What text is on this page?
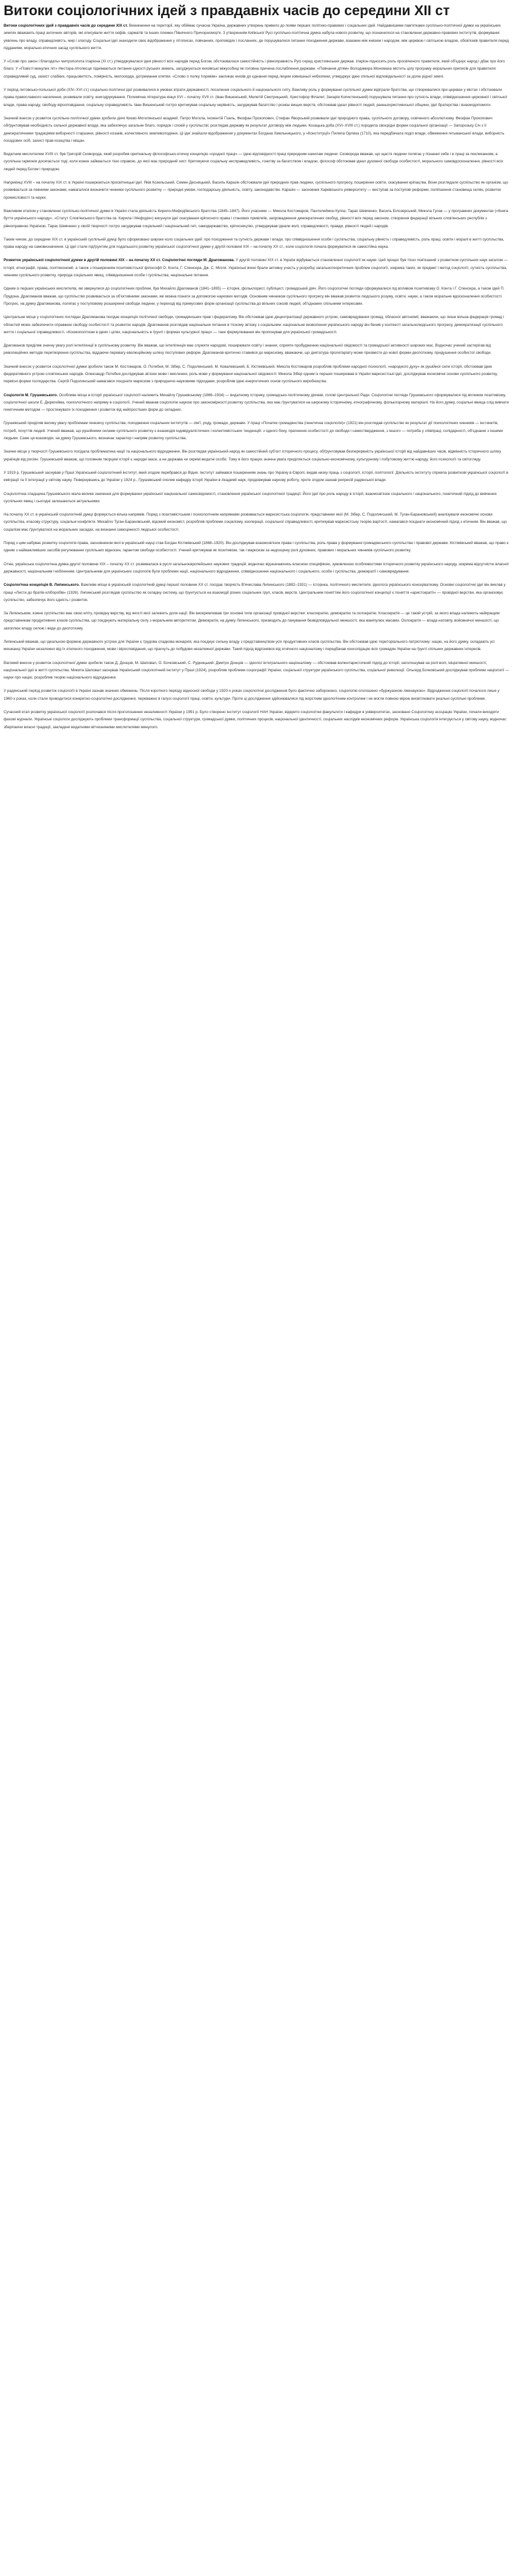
Витоки соціологічних ідей з правдавніх часів до середини XІІ ст

Витоки соціологічних ідей з правдавніх часів до середини XIX ст. Виникнення на території, яку обіймає сучасна Україна, державних утворень привело до появи перших політико-правових і соціальних ідей. Найдавнішими пам'ятками суспільно-політичної думки на українських землях вважають праці античних авторів, які описували життя скіфів, сарматів та інших племен Північного Причорномор'я. З утворенням Київської Русі суспільно-політична думка набула нового розвитку, що позначилося на становленні державно-правових інститутів, формуванні уявлень про владу, справедливість, мир і злагоду. Соціальні ідеї знаходили своє відображення у літописах, повчаннях, проповідях і посланнях, де порушувалися питання походження держави, взаємин між князем і народом, між церквою і світською владою, обов'язків правителя перед підданими, морально-етичних засад суспільного життя.

У «Слові про закон і благодать» митрополита Іларіона (XI ст.) утверджувалася ідея рівності всіх народів перед Богом, обстоювалася самостійність і рівноправність Русі серед християнських держав. Іларіон підносить роль просвіченого правителя, який об'єднує народ і дбає про його благо. У «Повісті минулих літ» Нестора-літописця піднімаються питання єдності руських земель, засуджуються князівські міжусобиці як головна причина послаблення держави. «Повчання дітям» Володимира Мономаха містить цілу програму моральних приписів для правителя: справедливий суд, захист слабких, працьовитість, помірність, милосердя, дотримання клятви. «Слово о полку Ігоревім» закликає князів до єднання перед лицем зовнішньої небезпеки, утверджує ідею спільної відповідальності за долю рідної землі.

У період литовсько-польської доби (XIV–XVI ст.) соціально-політичні ідеї розвивалися в умовах втрати державності, посилення соціального й національного гніту. Важливу роль у формуванні суспільної думки відіграли братства, що створювалися при церквах у містах і обстоювали права православного населення, розвивали освіту, книгодрукування. Полемічна література кінця XVI – початку XVII ст. (Іван Вишенський, Мелетій Смотрицький, Христофор Філалет, Захарія Копистенський) порушувала питання про сутність влади, співвідношення церковної і світської влади, права народу, свободу віросповідання, соціальну справедливість. Іван Вишенський гостро критикував соціальну нерівність, засуджував багатство і розкіш вищих верств, обстоював ідеал рівності людей, ранньохристиянської общини, ідеї братерства і взаємодопомоги.

Значний внесок у розвиток суспільно-політичної думки зробили діячі Києво-Могилянської академії. Петро Могила, Інокентій Гізель, Феофан Прокопович, Стефан Яворський розвивали ідеї природного права, суспільного договору, освіченого абсолютизму. Феофан Прокопович обґрунтовував необхідність сильної державної влади, яка забезпечує загальне благо, порядок і спокій у суспільстві; розглядав державу як результат договору між людьми. Козацька доба (XVI–XVIII ст.) породила своєрідні форми соціальної організації — Запорозьку Січ з її демократичними традиціями виборності старшини, рівності козаків, колективного землеволодіння. Ці ідеї знайшли відображення у документах Богдана Хмельницького, у «Конституції» Пилипа Орлика (1710), яка передбачала поділ влади, обмеження гетьманської влади, виборність посадових осіб, захист прав козацтва і міщан.

Видатним мислителем XVIII ст. був Григорій Сковорода, який розробив оригінальну філософсько-етичну концепцію «сродної праці» — ідею відповідності праці природним нахилам людини. Сковорода вважав, що щастя людини полягає у пізнанні себе і в праці за покликанням, а суспільна гармонія досягається тоді, коли кожен займається тією справою, до якої має природний хист. Критикуючи соціальну несправедливість, гонитву за багатством і владою, філософ обстоював ідеал духовної свободи особистості, морального самовдосконалення, рівності всіх людей перед Богом і природою.

Наприкінці XVIII – на початку XIX ст. в Україні поширюються просвітницькі ідеї. Яків Козельський, Семен Десницький, Василь Каразін обстоювали ідеї природних прав людини, суспільного прогресу, поширення освіти, скасування кріпацтва. Вони розглядали суспільство як організм, що розвивається за певними законами, намагалися визначити чинники суспільного розвитку — природні умови, господарську діяльність, освіту, законодавство. Каразін — засновник Харківського університету — виступав за поступові реформи, поліпшення становища селян, розвиток промисловості та науки.

Важливим етапом у становленні суспільно-політичної думки в Україні стала діяльність Кирило-Мефодіївського братства (1845–1847). Його учасники — Микола Костомаров, Пантелеймон Куліш, Тарас Шевченко, Василь Білозерський, Микола Гулак — у програмних документах («Книга буття українського народу», «Статут Слов'янського братства св. Кирила і Мефодія») висунули ідеї скасування кріпосного права і станових привілеїв, запровадження демократичних свобод, рівності всіх перед законом, створення федерації вільних слов'янських республік з рівноправною Україною. Тарас Шевченко у своїй творчості гостро засуджував соціальний і національний гніт, самодержавство, кріпосництво, утверджував ідеали волі, справедливості, правди, рівності людей і народів.

Таким чином, до середини XIX ст. в українській суспільній думці було сформовано широке коло соціальних ідей: про походження та сутність держави і влади, про співвідношення особи і суспільства, соціальну рівність і справедливість, роль праці, освіти і моралі в житті суспільства, права народу на самовизначення. Ці ідеї стали підґрунтям для подальшого розвитку української соціологічної думки у другій половині XIX – на початку XX ст., коли соціологія почала формуватися як самостійна наука.

Розвиток української соціологічної думки в другій половині XIX – на початку XX ст. Соціологічні погляди М. Драгоманова. У другій половині XIX ст. в Україні відбувається становлення соціології як науки. Цей процес був тісно пов'язаний з розвитком суспільних наук загалом — історії, етнографії, права, політекономії, а також з поширенням позитивістської філософії О. Конта, Г. Спенсера, Дж. С. Мілля. Українські вчені брали активну участь у розробці загальнотеоретичних проблем соціології, зокрема таких, як предмет і метод соціології, сутність суспільства, чинники суспільного розвитку, природа соціальних явищ, співвідношення особи і суспільства, національне питання.

Одним із перших українських мислителів, які звернулися до соціологічних проблем, був Михайло Драгоманов (1841–1895) — історик, фольклорист, публіцист, громадський діяч. Його соціологічні погляди сформувалися під впливом позитивізму О. Конта і Г. Спенсера, а також ідей П. Прудона. Драгоманов вважав, що суспільство розвивається за об'єктивними законами, які можна пізнати за допомогою наукових методів. Основним чинником суспільного прогресу він вважав розвиток людського розуму, освіти, науки, а також моральне вдосконалення особистості. Прогрес, на думку Драгоманова, полягає у поступовому розширенні свободи людини, у переході від примусових форм організації суспільства до вільних союзів людей, об'єднаних спільними інтересами.

Центральне місце у соціологічних поглядах Драгоманова посідає концепція політичної свободи, громадянських прав і федералізму. Він обстоював ідею децентралізації державного устрою, самоврядування громад, обласної автономії, вважаючи, що лише вільна федерація громад і областей може забезпечити справжню свободу особистості та розвиток народів. Драгоманов розглядав національне питання в тісному зв'язку з соціальним: національне визволення українського народу він бачив у контексті загальнолюдського прогресу, демократизації суспільного життя і соціальної справедливості. «Космополітизм в ідеях і цілях, національність в ґрунті і формах культурної праці» — таке формулювання він пропонував для української громадськості.

Драгоманов приділяв значну увагу ролі інтелігенції в суспільному розвитку. Він вважав, що інтелігенція має служити народові, поширювати освіту і знання, сприяти пробудженню національної свідомості та громадської активності широких мас. Водночас учений застерігав від революційних методів перетворення суспільства, віддаючи перевагу еволюційному шляху поступових реформ. Драгоманов критично ставився до марксизму, вважаючи, що диктатура пролетаріату може призвести до нової форми деспотизму, придушення особистої свободи.

Значний внесок у розвиток соціологічної думки зробили також М. Костомаров, О. Потебня, М. Зібер, С. Подолинський, М. Ковалевський, Б. Кістяківський. Микола Костомаров розробляв проблеми народної психології, «народного духу» як рушійної сили історії, обстоював ідею федеративного устрою слов'янських народів. Олександр Потебня досліджував зв'язок мови і мислення, роль мови у формуванні національної свідомості. Микола Зібер одним із перших поширював в Україні марксистські ідеї, досліджував економічні основи суспільного розвитку, первісні форми господарства. Сергій Подолинський намагався поєднати марксизм з природничо-науковими підходами, розробляв ідею енергетичних основ суспільного виробництва.

Соціологія М. Грушевського. Особливе місце в історії української соціології належить Михайлу Грушевському (1866–1934) — видатному історику, громадсько-політичному діячеві, голові Центральної Ради. Соціологічні погляди Грушевського сформувалися під впливом позитивізму, соціологічної школи Е. Дюркгейма, психологічного напряму в соціології. Учений вважав соціологію наукою про закономірності розвитку суспільства, яка має ґрунтуватися на широкому історичному, етнографічному, фольклорному матеріалі. На його думку, соціальні явища слід вивчати генетичним методом — простежувати їх походження і розвиток від найпростіших форм до складних.

Грушевський приділяв велику увагу проблемам генезису суспільства, походження соціальних інститутів — сім'ї, роду, громади, держави. У праці «Початки громадянства (генетична соціологія)» (1921) він розглядав суспільство як результат дії психологічних чинників — інстинктів, потреб, почуттів людей. Учений вважав, що рушійними силами суспільного розвитку є взаємодія індивідуалістичних і колективістських тенденцій: з одного боку, прагнення особистості до свободи і самоствердження, з іншого — потреба у співпраці, солідарності, об'єднанні з іншими людьми. Саме ця взаємодія, на думку Грушевського, визначає характер і напрям розвитку суспільства.

Значне місце у творчості Грушевського посідала проблематика нації та національного відродження. Він розглядав український народ як самостійний суб'єкт історичного процесу, обґрунтовував безперервність української історії від найдавніших часів, відмінність історичного шляху українців від росіян. Грушевський вважав, що головним творцем історії є народні маси, а не держава чи окремі видатні особи. Тому в його працях значна увага приділяється соціально-економічному, культурному і побутовому життю народу, його психології та світогляду.

У 1919 р. Грушевський заснував у Празі Український соціологічний інститут, який згодом перебрався до Відня. Інститут займався поширенням знань про Україну в Європі, видав низку праць з соціології, історії, політології. Діяльність інституту сприяла розвиткові української соціології в еміграції та її інтеграції у світову науку. Повернувшись до України у 1924 р., Грушевський очолив кафедру історії України в Академії наук, продовжував наукову роботу, проте згодом зазнав репресій радянської влади.

Соціологічна спадщина Грушевського мала велике значення для формування української національної самосвідомості, становлення української соціологічної традиції. Його ідеї про роль народу в історії, взаємозв'язок соціального і національного, генетичний підхід до вивчення суспільних явищ і сьогодні залишаються актуальними.

На початку XX ст. в українській соціологічній думці формується кілька напрямів. Поряд з позитивістським і психологічним напрямами розвивається марксистська соціологія, представники якої (М. Зібер, С. Подолинський, М. Туган-Барановський) аналізували економічні основи суспільства, класову структуру, соціальні конфлікти. Михайло Туган-Барановський, відомий економіст, розробляв проблеми соціалізму, кооперації, соціальної справедливості, критикував марксистську теорію вартості, намагався поєднати економічний підхід з етичним. Він вважав, що соціалізм має ґрунтуватися на моральних засадах, на визнанні самоцінності людської особистості.

Поряд з цим набуває розвитку соціологія права, засновником якої в українській науці став Богдан Кістяківський (1868–1920). Він досліджував взаємозв'язок права і суспільства, роль права у формуванні громадянського суспільства і правової держави. Кістяківський вважав, що право є одним з найважливіших засобів регулювання суспільних відносин, гарантом свободи особистості. Учений критикував як позитивізм, так і марксизм за недооцінку ролі духовних, правових і моральних чинників суспільного розвитку.

Отже, українська соціологічна думка другої половини XIX – початку XX ст. розвивалася в руслі загальноєвропейських наукових традицій, водночас відзначаючись власною специфікою, зумовленою особливостями історичного розвитку українського народу, зокрема відсутністю власної державності, національним гнобленням. Центральними для українських соціологів були проблеми нації, національного відродження, співвідношення національного і соціального, особи і суспільства, демократії і самоврядування.

Соціологічна концепція В. Липинського. Важливе місце в українській соціологічній думці першої половини XX ст. посідає творчість В'ячеслава Липинського (1882–1931) — історика, політичного мислителя, ідеолога українського консерватизму. Основні соціологічні ідеї він виклав у праці «Листи до братів-хліборобів» (1926). Липинський розглядав суспільство як складну систему, що ґрунтується на взаємодії різних соціальних груп, класів, верств. Центральним поняттям його соціологічної концепції є поняття «аристократії» — провідної верстви, яка організовує суспільство, забезпечує його єдність і розвиток.

За Липинським, кожне суспільство має свою еліту, провідну верству, від якості якої залежить доля нації. Він виокремлював три основні типи організації провідної верстви: класократію, демократію та охлократію. Класократія — це такий устрій, за якого влада належить найкращим представникам продуктивних класів суспільства, що поєднують матеріальну силу з моральним авторитетом. Демократія, на думку Липинського, призводить до панування безвідповідальної меншості, яка маніпулює масами. Охлократія — влада натовпу, войовничої меншості, що захоплює владу силою і веде до деспотизму.

Липинський вважав, що ідеальною формою державного устрою для України є трудова спадкова монархія, яка поєднує сильну владу з представництвом усіх продуктивних класів суспільства. Він обстоював ідею територіального патріотизму: націю, на його думку, складають усі мешканці України незалежно від їх етнічного походження, мови і віросповідання, що прагнуть до побудови незалежної держави. Такий підхід відрізнявся від етнічного націоналізму і передбачав консолідацію всіх громадян України на ґрунті спільних державних інтересів.

Вагомий внесок у розвиток соціологічної думки зробили також Д. Донцов, М. Шаповал, О. Бочковський, С. Рудницький. Дмитро Донцов — ідеолог інтегрального націоналізму — обстоював волюнтаристичний підхід до історії, наголошував на ролі волі, ініціативної меншості, національної ідеї в житті суспільства. Микита Шаповал заснував Український соціологічний інститут у Празі (1924), розробляв проблеми соціографії України, соціальної структури українського суспільства, соціальної революції. Ольгерд Бочковський досліджував проблеми націології — науки про націю, розробляв теорію національного відродження.

У радянський період розвиток соціології в Україні зазнав значних обмежень. Після короткого періоду відносної свободи у 1920-х роках соціологічні дослідження було фактично заборонено, соціологію оголошено «буржуазною лженаукою». Відродження соціології почалося лише у 1960-х роках, коли стали проводитися конкретно-соціологічні дослідження, переважно в галузі соціології праці, освіти, культури. Проте ці дослідження здійснювалися під жорстким ідеологічним контролем і не могли повною мірою висвітлювати реальні суспільні проблеми.

Сучасний етап розвитку української соціології розпочався після проголошення незалежності України у 1991 р. Було створено Інститут соціології НАН України, відкрито соціологічні факультети і кафедри в університетах, засновано Соціологічну асоціацію України, почали виходити фахові журнали. Українські соціологи досліджують проблеми трансформації суспільства, соціальної структури, громадської думки, політичних процесів, національної ідентичності, соціальних наслідків економічних реформ. Українська соціологія інтегрується у світову науку, водночас зберігаючи власні традиції, закладені видатними вітчизняними мислителями минулого.
